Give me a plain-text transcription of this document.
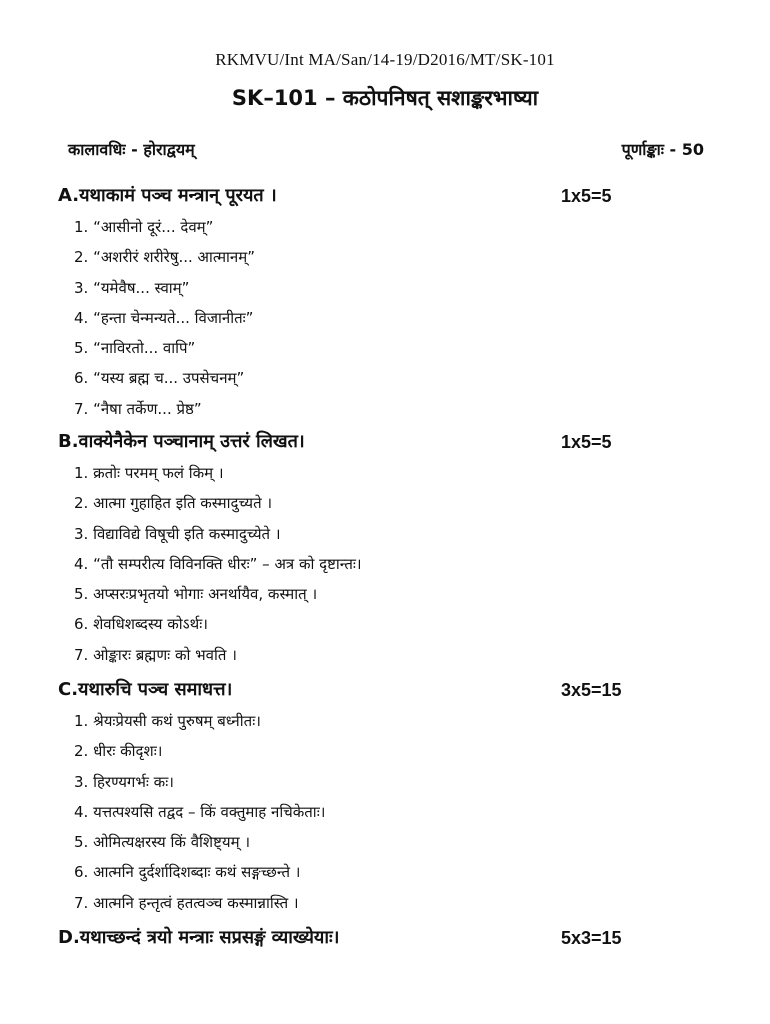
RKMVU/Int MA/San/14-19/D2016/MT/SK-101
SK–101 – कठोपनिषत् सशाङ्करभाष्या
कालावधिः - होराद्वयम्	पूर्णाङ्काः - 50
A.यथाकामं पञ्च मन्त्रान् पूरयत ।	1x5=5
1. “आसीनो दूरं... देवम्”
2. “अशरीरं शरीरेषु... आत्मानम्”
3. “यमेवैष... स्वाम्”
4. “हन्ता चेन्मन्यते... विजानीतः”
5. “नाविरतो... वापि”
6. “यस्य ब्रह्म च... उपसेचनम्”
7. “नैषा तर्केण... प्रेष्ठ”
B.वाक्येनैकेन पञ्चानाम् उत्तरं लिखत।	1x5=5
1. क्रतोः परमम् फलं किम् ।
2. आत्मा गुहाहित इति कस्मादुच्यते ।
3. विद्याविद्ये विषूची इति कस्मादुच्येते ।
4. “तौ सम्परीत्य विविनक्ति धीरः” – अत्र को दृष्टान्तः।
5. अप्सरःप्रभृतयो भोगाः अनर्थायैव, कस्मात् ।
6. शेवधिशब्दस्य कोऽर्थः।
7. ओङ्कारः ब्रह्मणः को भवति ।
C.यथारुचि पञ्च समाधत्त।	3x5=15
1. श्रेयःप्रेयसी कथं पुरुषम् बध्नीतः।
2. धीरः कीदृशः।
3. हिरण्यगर्भः कः।
4. यत्तत्पश्यसि तद्वद – किं वक्तुमाह नचिकेताः।
5. ओमित्यक्षरस्य किं वैशिष्ट्यम् ।
6. आत्मनि दुर्दर्शादिशब्दाः कथं सङ्गच्छन्ते ।
7. आत्मनि हन्तृत्वं हतत्वञ्च कस्मान्नास्ति ।
D.यथाच्छन्दं त्रयो मन्त्राः सप्रसङ्गं व्याख्येयाः।	5x3=15
